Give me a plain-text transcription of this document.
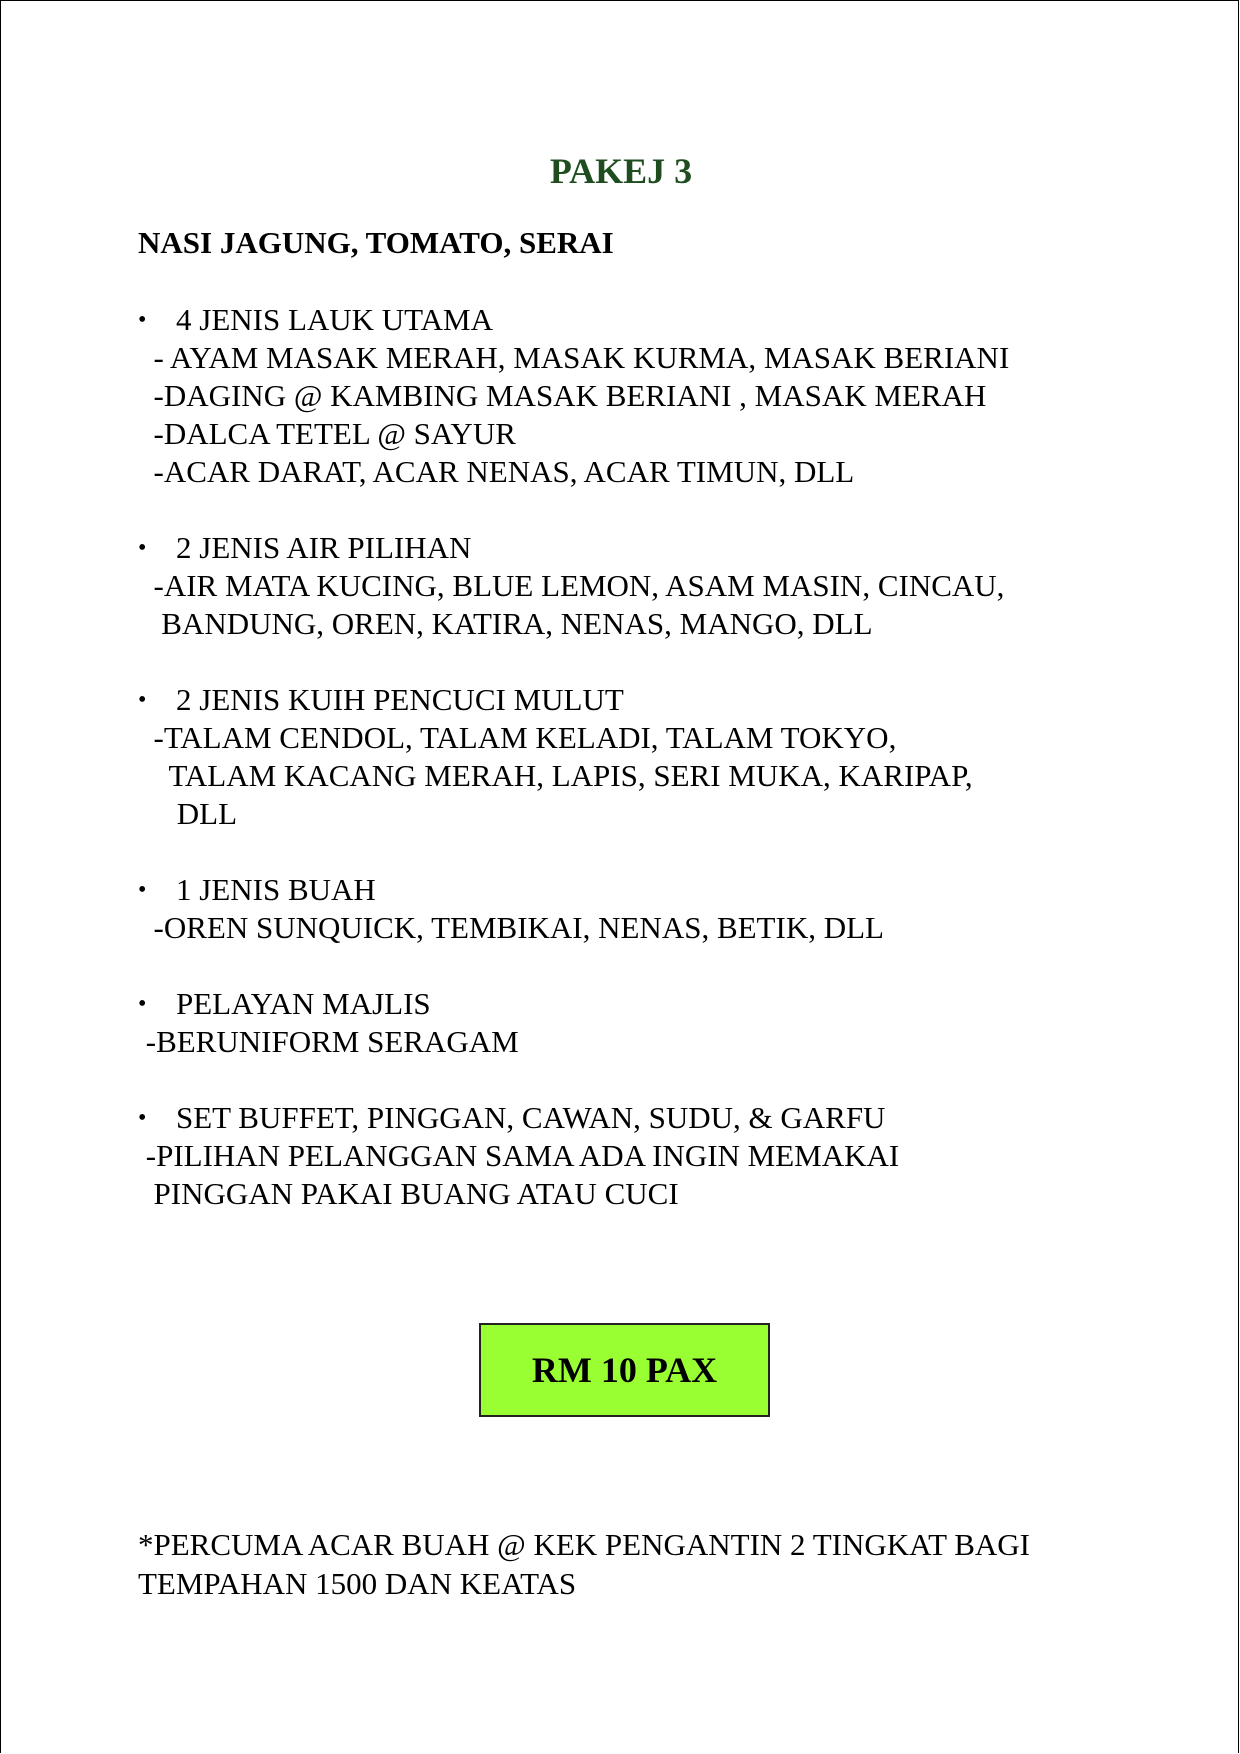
PAKEJ 3
NASI JAGUNG, TOMATO, SERAI
• 4 JENIS LAUK UTAMA
- AYAM MASAK MERAH, MASAK KURMA, MASAK BERIANI
-DAGING @ KAMBING MASAK BERIANI , MASAK MERAH
-DALCA TETEL @ SAYUR
-ACAR DARAT, ACAR NENAS, ACAR TIMUN, DLL
• 2 JENIS AIR PILIHAN
-AIR MATA KUCING, BLUE LEMON, ASAM MASIN, CINCAU,
BANDUNG, OREN, KATIRA, NENAS, MANGO, DLL
• 2 JENIS KUIH PENCUCI MULUT
-TALAM CENDOL, TALAM KELADI, TALAM TOKYO,
TALAM KACANG MERAH, LAPIS, SERI MUKA, KARIPAP,
DLL
• 1 JENIS BUAH
-OREN SUNQUICK, TEMBIKAI, NENAS, BETIK, DLL
• PELAYAN MAJLIS
-BERUNIFORM SERAGAM
• SET BUFFET, PINGGAN, CAWAN, SUDU, & GARFU
-PILIHAN PELANGGAN SAMA ADA INGIN MEMAKAI
PINGGAN PAKAI BUANG ATAU CUCI
RM 10 PAX
*PERCUMA ACAR BUAH @ KEK PENGANTIN 2 TINGKAT BAGI
TEMPAHAN 1500 DAN KEATAS
